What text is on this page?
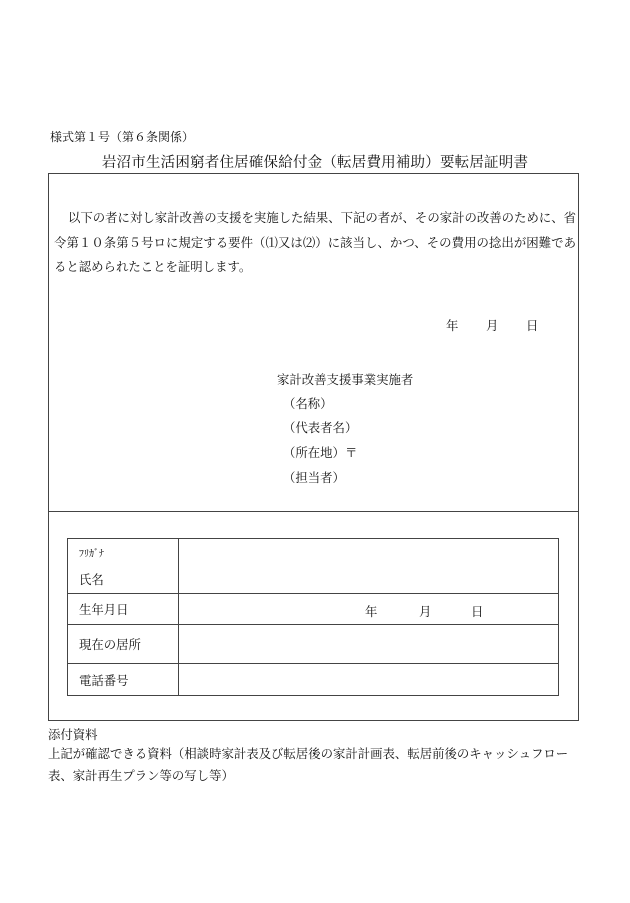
様式第１号（第６条関係）
岩沼市生活困窮者住居確保給付金（転居費用補助）要転居証明書
以下の者に対し家計改善の支援を実施した結果、下記の者が、その家計の改善のために、省令第１０条第５号ロに規定する要件（⑴又は⑵）に該当し、かつ、その費用の捻出が困難であると認められたことを証明します。
年 月 日
家計改善支援事業実施者
（名称）
（代表者名）
（所在地）〒
（担当者）
ﾌﾘｶﾞﾅ
氏名	
生年月日	年 月 日

現在の居所	
電話番号	
添付資料
上記が確認できる資料（相談時家計表及び転居後の家計計画表、転居前後のキャッシュフロー表、家計再生プラン等の写し等）
